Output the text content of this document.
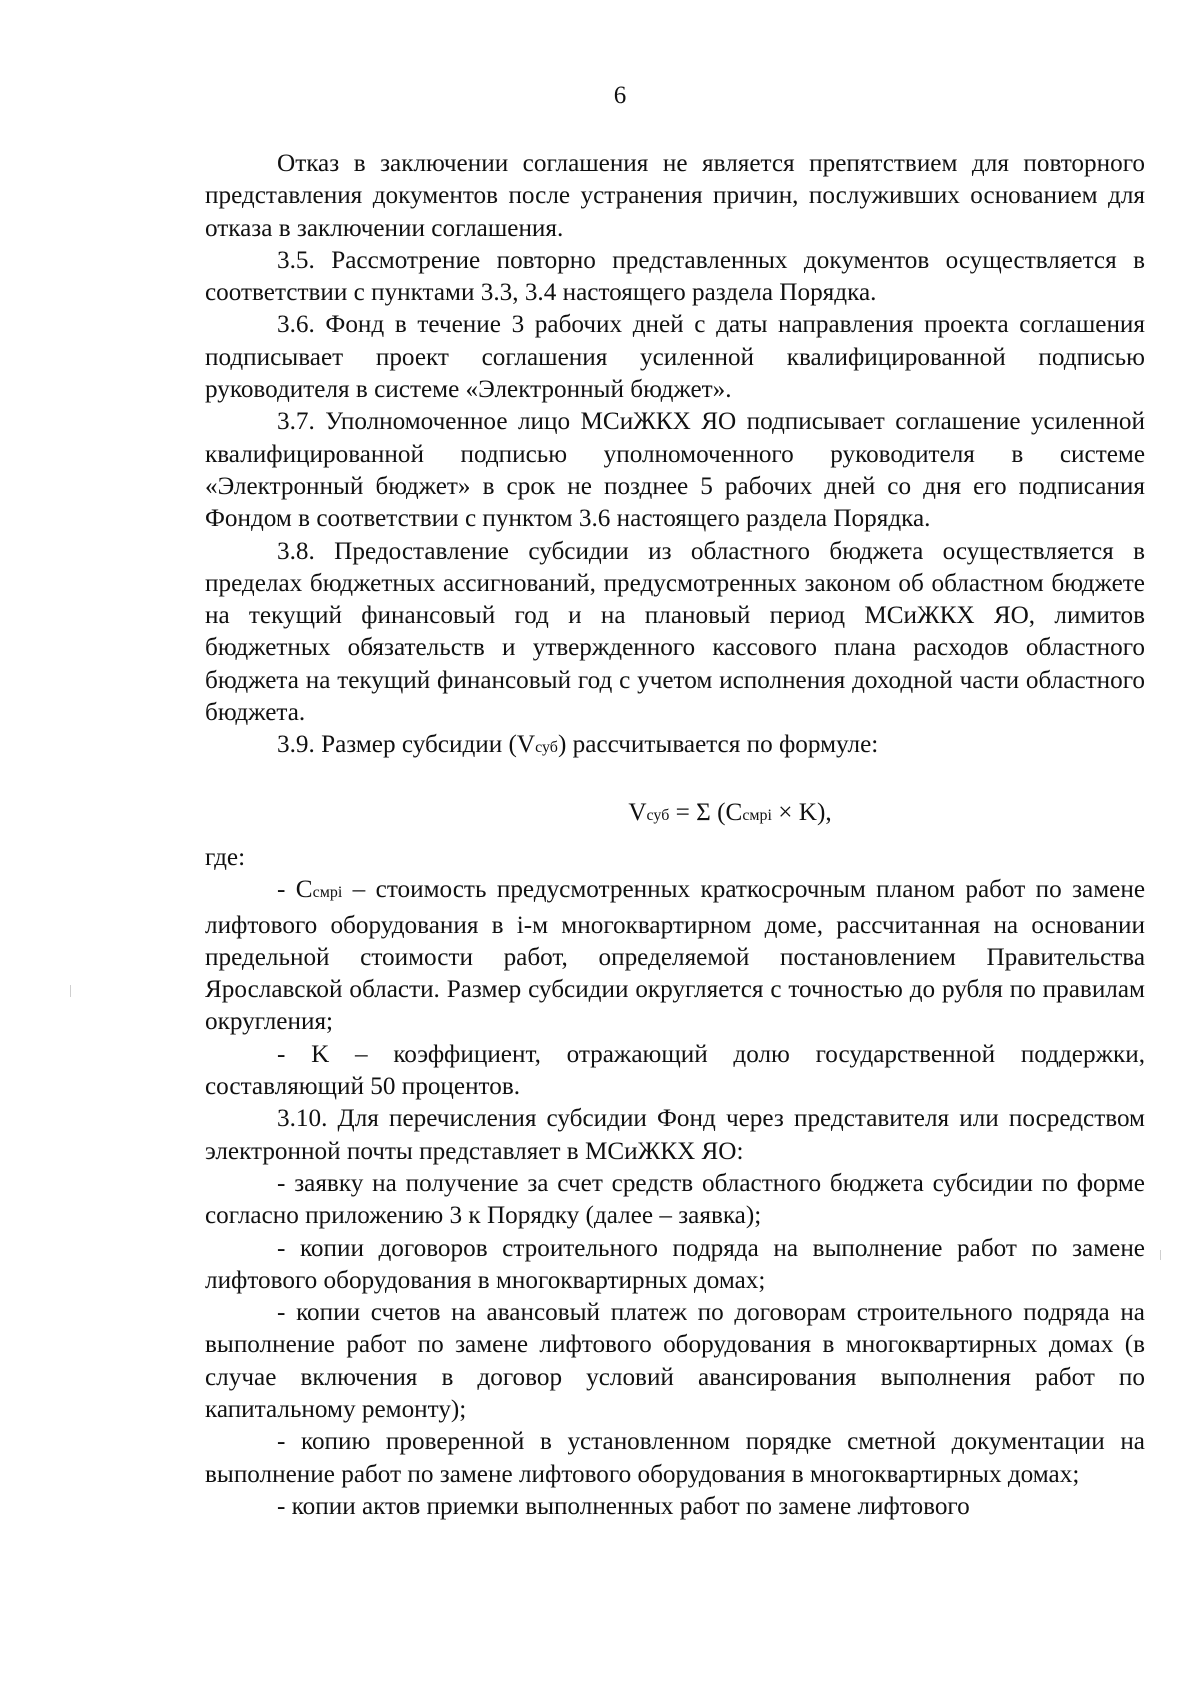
6

Отказ в заключении соглашения не является препятствием для повторного представления документов после устранения причин, послуживших основанием для отказа в заключении соглашения.

3.5. Рассмотрение повторно представленных документов осуществляется в соответствии с пунктами 3.3, 3.4 настоящего раздела Порядка.

3.6. Фонд в течение 3 рабочих дней с даты направления проекта соглашения подписывает проект соглашения усиленной квалифицированной подписью руководителя в системе «Электронный бюджет».

3.7. Уполномоченное лицо МСиЖКХ ЯО подписывает соглашение усиленной квалифицированной подписью уполномоченного руководителя в системе «Электронный бюджет» в срок не позднее 5 рабочих дней со дня его подписания Фондом в соответствии с пунктом 3.6 настоящего раздела Порядка.

3.8. Предоставление субсидии из областного бюджета осуществляется в пределах бюджетных ассигнований, предусмотренных законом об областном бюджете на текущий финансовый год и на плановый период МСиЖКХ ЯО, лимитов бюджетных обязательств и утвержденного кассового плана расходов областного бюджета на текущий финансовый год с учетом исполнения доходной части областного бюджета.

3.9. Размер субсидии (Vсуб) рассчитывается по формуле:

Vсуб = Σ (Cсмрi × K),

где:

- Cсмрi – стоимость предусмотренных краткосрочным планом работ по замене лифтового оборудования в i-м многоквартирном доме, рассчитанная на основании предельной стоимости работ, определяемой постановлением Правительства Ярославской области. Размер субсидии округляется с точностью до рубля по правилам округления;

- K – коэффициент, отражающий долю государственной поддержки, составляющий 50 процентов.

3.10. Для перечисления субсидии Фонд через представителя или посредством электронной почты представляет в МСиЖКХ ЯО:

- заявку на получение за счет средств областного бюджета субсидии по форме согласно приложению 3 к Порядку (далее – заявка);

- копии договоров строительного подряда на выполнение работ по замене лифтового оборудования в многоквартирных домах;

- копии счетов на авансовый платеж по договорам строительного подряда на выполнение работ по замене лифтового оборудования в многоквартирных домах (в случае включения в договор условий авансирования выполнения работ по капитальному ремонту);

- копию проверенной в установленном порядке сметной документации на выполнение работ по замене лифтового оборудования в многоквартирных домах;

- копии актов приемки выполненных работ по замене лифтового
